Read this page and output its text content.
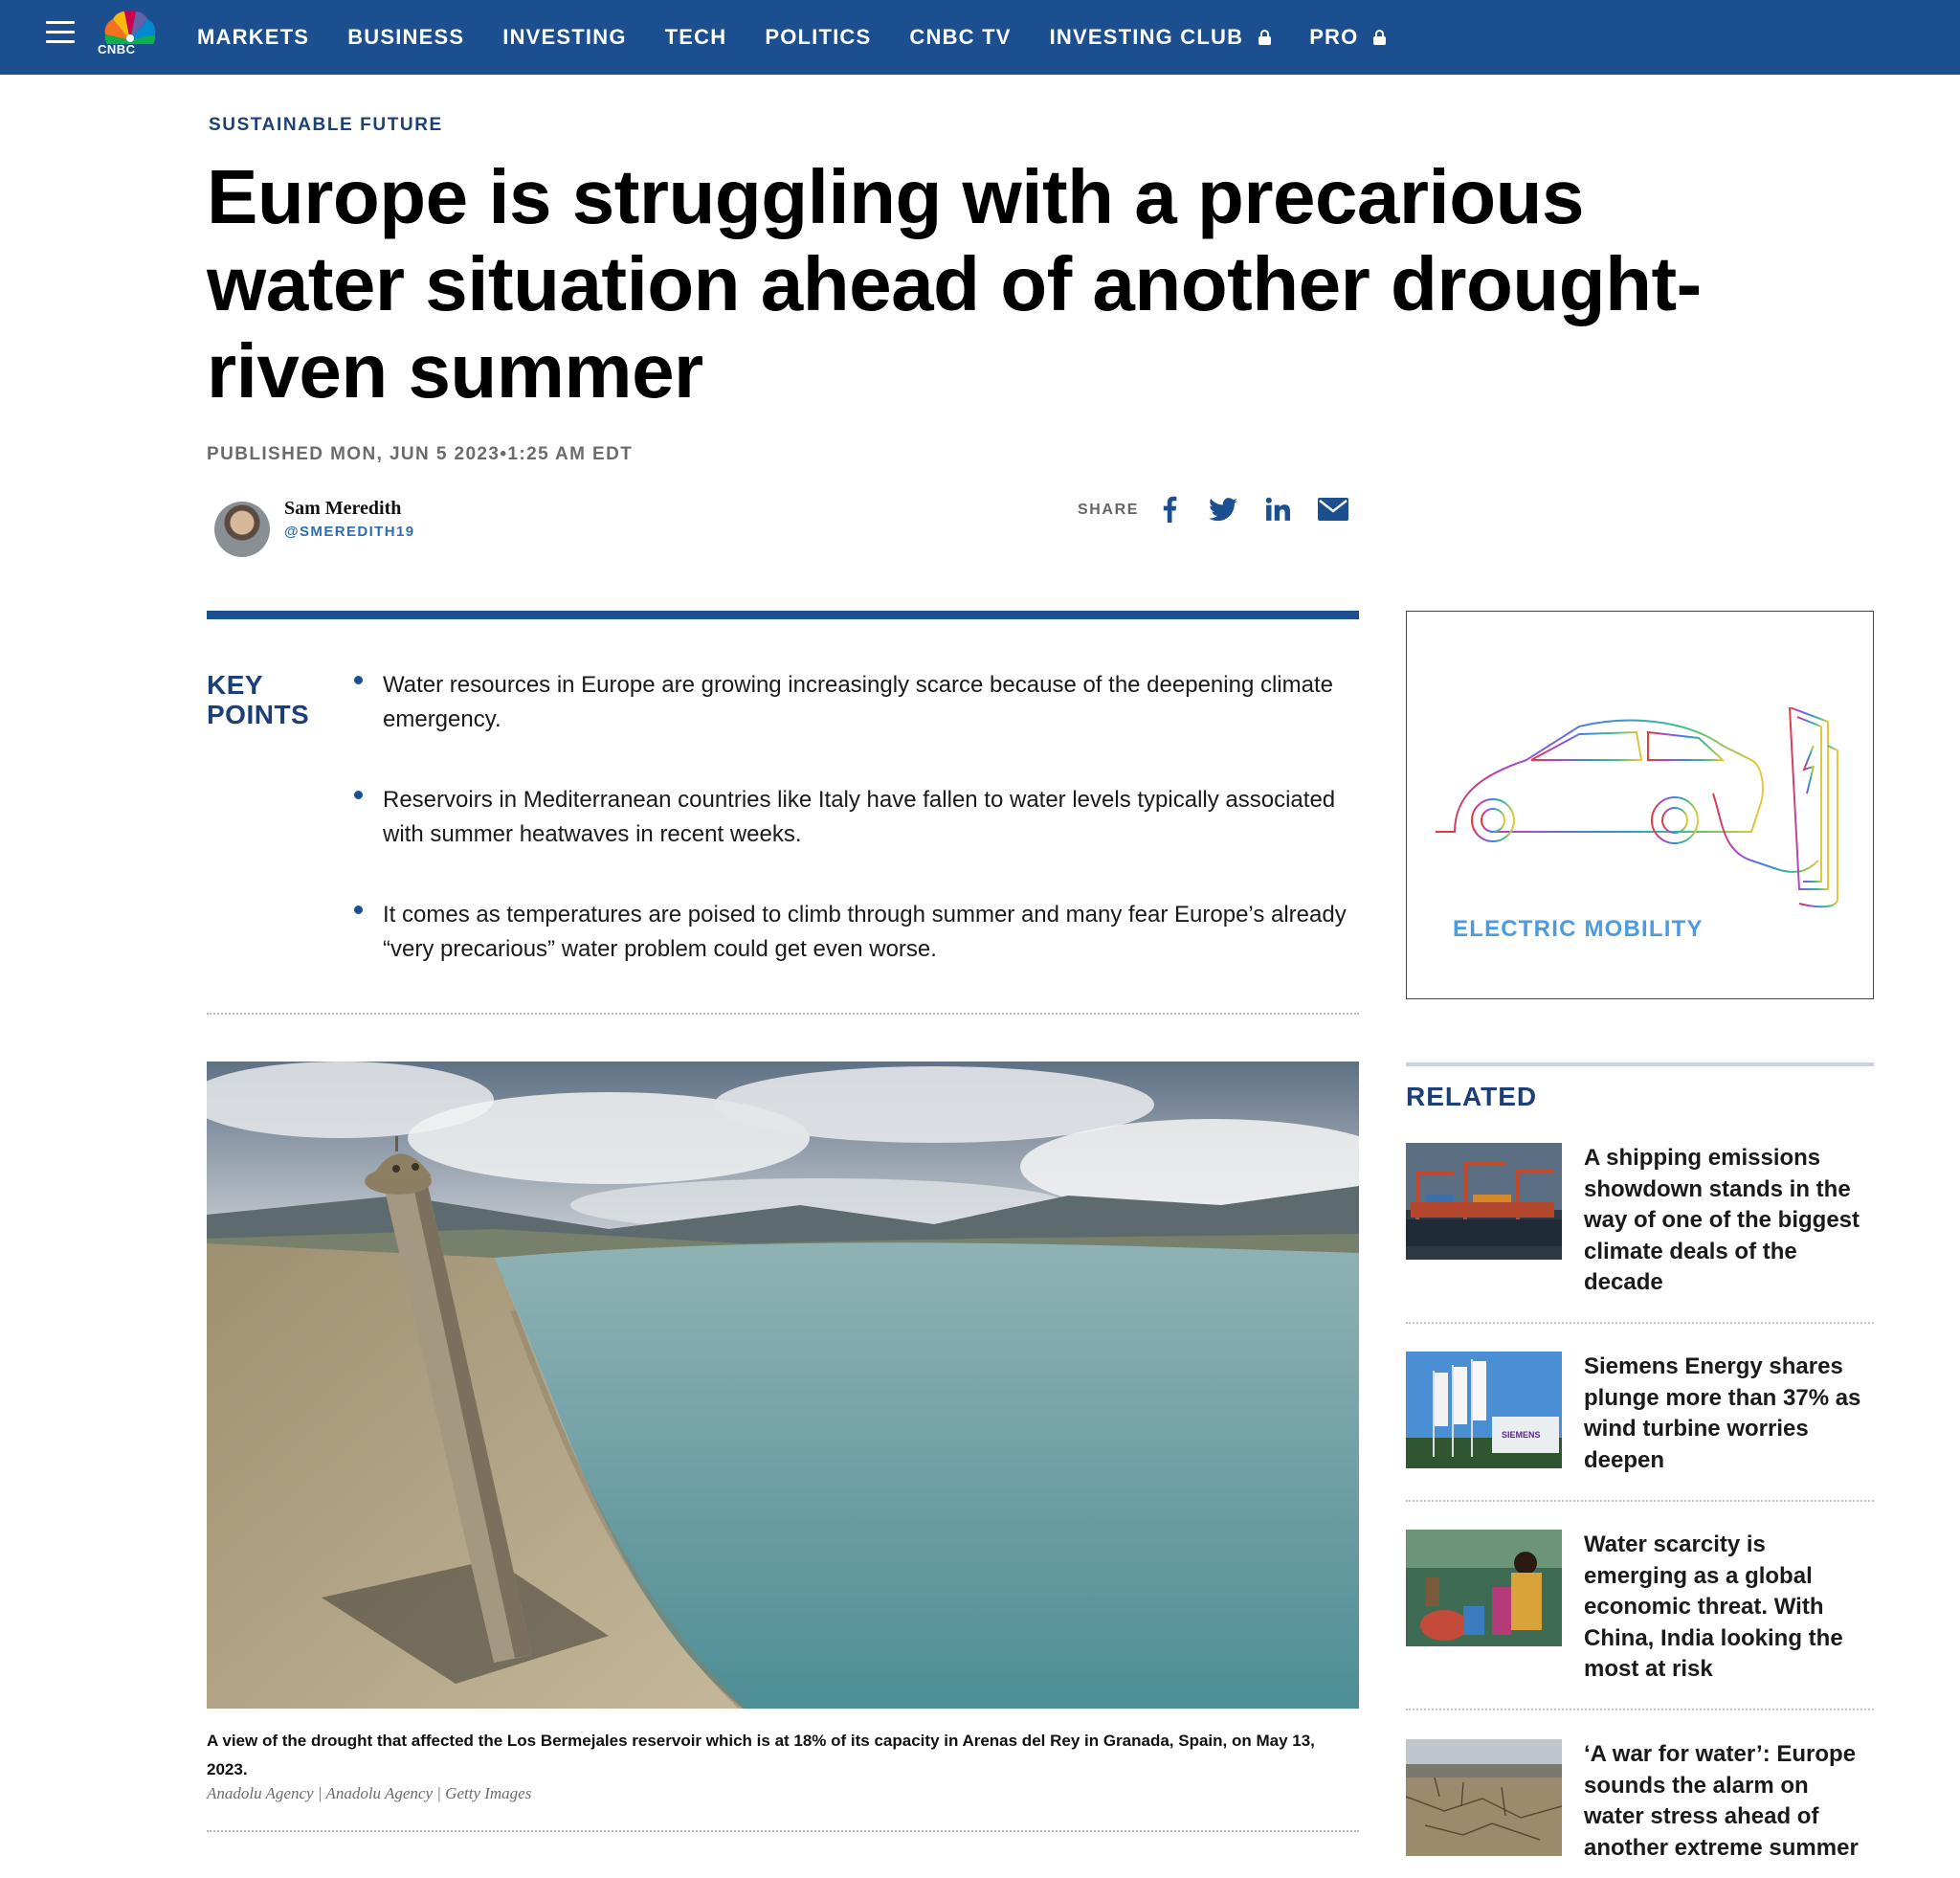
CNBC
MARKETS BUSINESS INVESTING TECH POLITICS CNBC TV INVESTING CLUB	PRO
SUSTAINABLE FUTURE
Europe is struggling with a precarious water situation ahead of another drought-riven summer
PUBLISHED MON, JUN 5 2023•1:25 AM EDT
Sam Meredith
@SMEREDITH19
SHARE
KEY
POINTS
Water resources in Europe are growing increasingly scarce because of the deepening climate emergency.
Reservoirs in Mediterranean countries like Italy have fallen to water levels typically associated with summer heatwaves in recent weeks.
It comes as temperatures are poised to climb through summer and many fear Europe’s already “very precarious” water problem could get even worse.
A view of the drought that affected the Los Bermejales reservoir which is at 18% of its capacity in Arenas del Rey in Granada, Spain, on May 13, 2023.
Anadolu Agency | Anadolu Agency | Getty Images
ELECTRIC MOBILITY
RELATED
A shipping emissions showdown stands in the way of one of the biggest climate deals of the decade
SIEMENS
Siemens Energy shares plunge more than 37% as wind turbine worries deepen
Water scarcity is emerging as a global economic threat. With China, India looking the most at risk
‘A war for water’: Europe sounds the alarm on water stress ahead of another extreme summer
